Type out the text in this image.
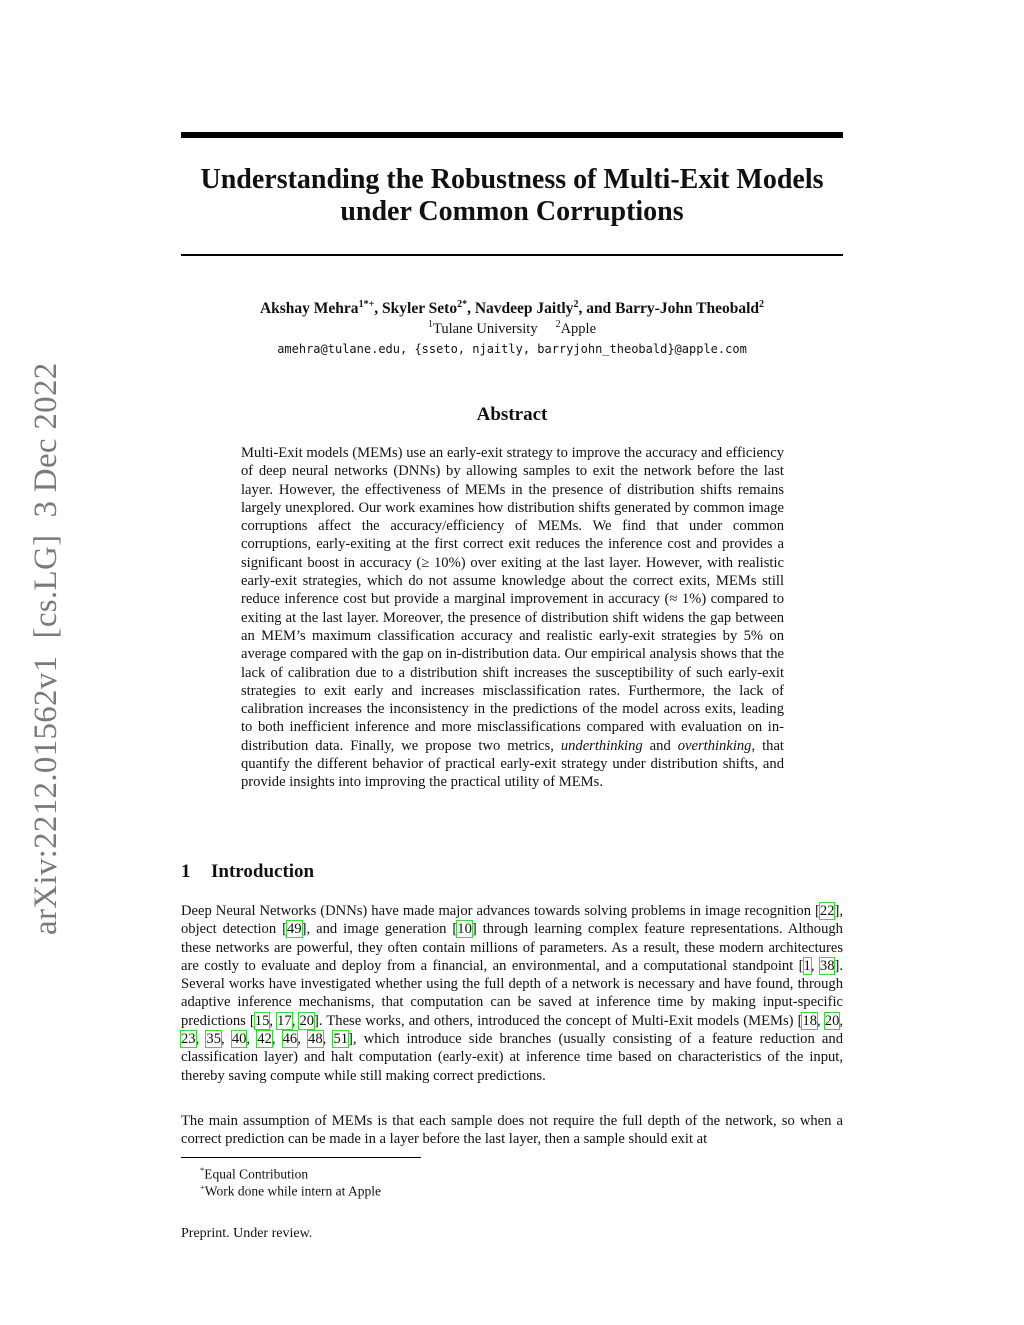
arXiv:2212.01562v1  [cs.LG]  3 Dec 2022
Understanding the Robustness of Multi-Exit Models
under Common Corruptions
Akshay Mehra$^{1*+}$, Skyler Seto$^{2*}$, Navdeep Jaitly$^2$, and Barry-John Theobald$^2$
$^1$Tulane University $^2$Apple
amehra@tulane.edu, {sseto, njaitly, barryjohn_theobald}@apple.com
Abstract

Multi-Exit models (MEMs) use an early-exit strategy to improve the accuracy and efficiency of deep neural networks (DNNs) by allowing samples to exit the network before the last layer. However, the effectiveness of MEMs in the presence of distribution shifts remains largely unexplored. Our work examines how distribution shifts generated by common image corruptions affect the accuracy/efficiency of MEMs. We find that under common corruptions, early-exiting at the first correct exit reduces the inference cost and provides a significant boost in accuracy (≥ 10%) over exiting at the last layer. However, with realistic early-exit strategies, which do not assume knowledge about the correct exits, MEMs still reduce inference cost but provide a marginal improvement in accuracy (≈ 1%) compared to exiting at the last layer. Moreover, the presence of distribution shift widens the gap between an MEM’s maximum classification accuracy and realistic early-exit strategies by 5% on average compared with the gap on in-distribution data. Our empirical analysis shows that the lack of calibration due to a distribution shift increases the susceptibility of such early-exit strategies to exit early and increases misclassification rates. Furthermore, the lack of calibration increases the inconsistency in the predictions of the model across exits, leading to both inefficient inference and more misclassifications compared with evaluation on in-distribution data. Finally, we propose two metrics, underthinking and overthinking, that quantify the different behavior of practical early-exit strategy under distribution shifts, and provide insights into improving the practical utility of MEMs.

1 Introduction

Deep Neural Networks (DNNs) have made major advances towards solving problems in image recognition [22], object detection [49], and image generation [10] through learning complex feature representations. Although these networks are powerful, they often contain millions of parameters. As a result, these modern architectures are costly to evaluate and deploy from a financial, an environmental, and a computational standpoint [1, 38]. Several works have investigated whether using the full depth of a network is necessary and have found, through adaptive inference mechanisms, that computation can be saved at inference time by making input-specific predictions [15, 17, 20]. These works, and others, introduced the concept of Multi-Exit models (MEMs) [18, 20, 23, 35, 40, 42, 46, 48, 51], which introduce side branches (usually consisting of a feature reduction and classification layer) and halt computation (early-exit) at inference time based on characteristics of the input, thereby saving compute while still making correct predictions.

The main assumption of MEMs is that each sample does not require the full depth of the network, so when a correct prediction can be made in a layer before the last layer, then a sample should exit at

*Equal Contribution
+Work done while intern at Apple
Preprint. Under review.
